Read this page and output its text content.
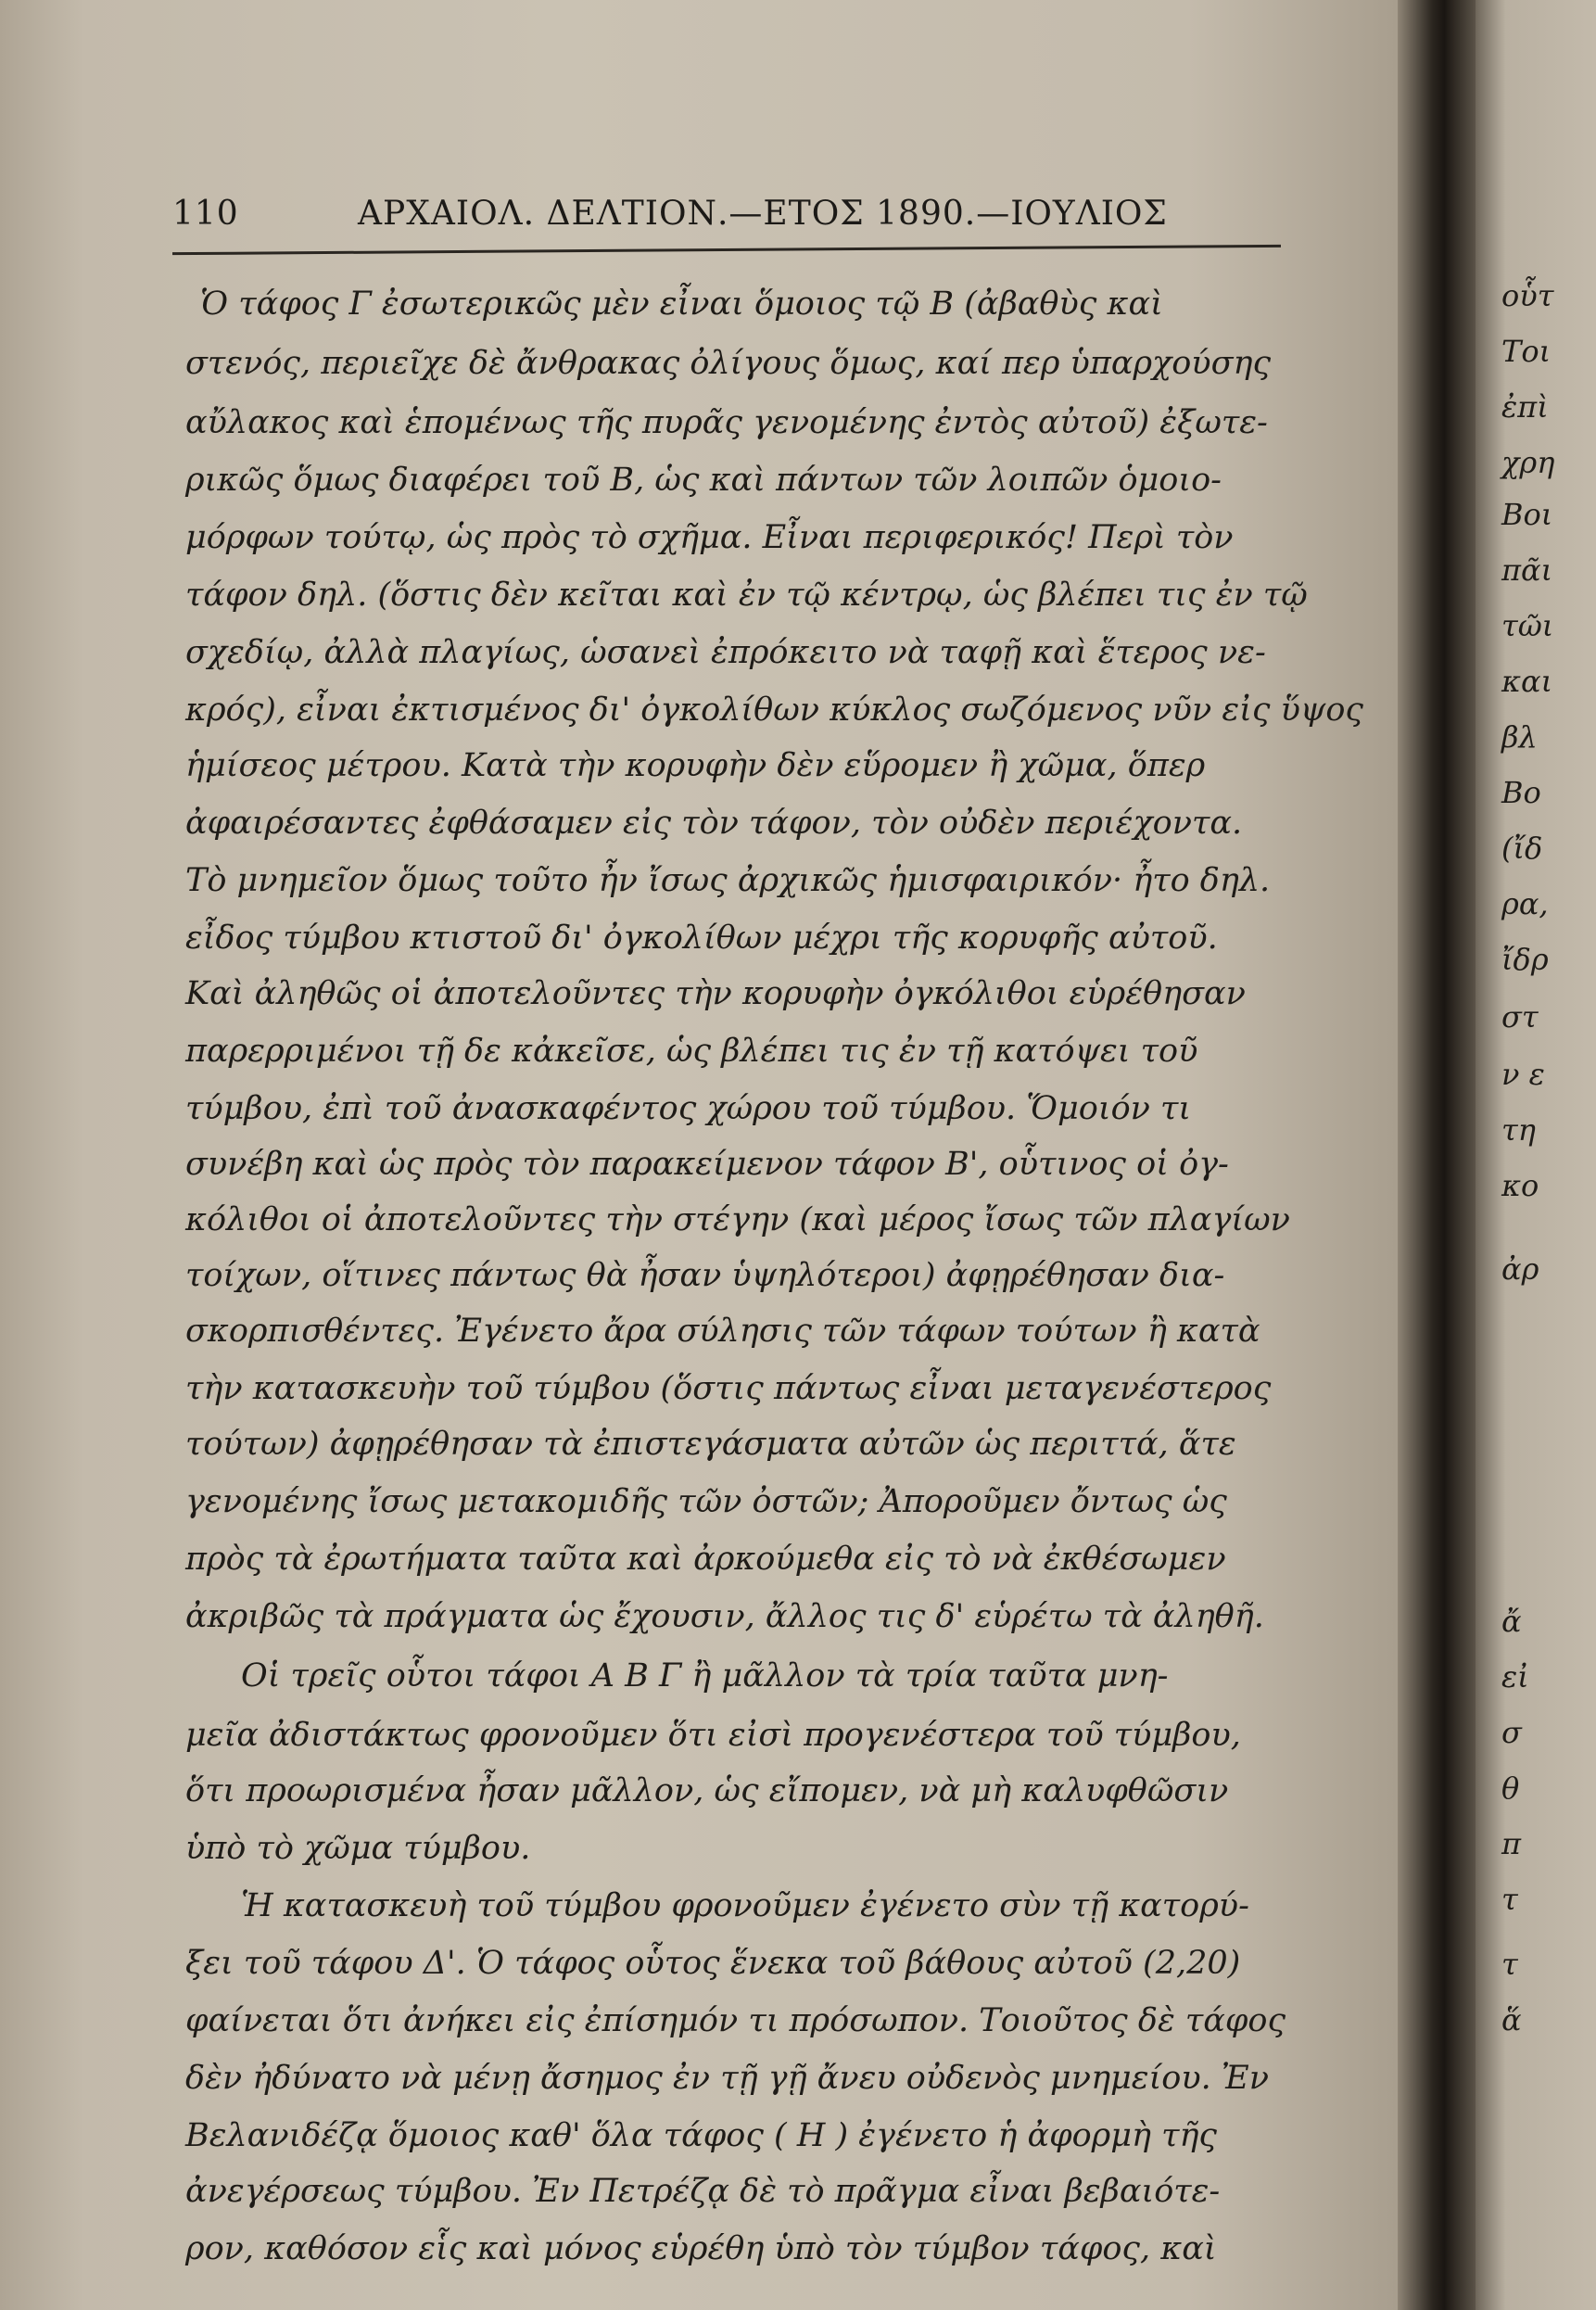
110	ΑΡΧΑΙΟΛ. ΔΕΛΤΙΟΝ.—ΕΤΟΣ 1890.—ΙΟΥΛΙΟΣ
Ὁ τάφος Γ ἐσωτερικῶς μὲν εἶναι ὅμοιος τῷ Β (ἀβαθὺς καὶ
στενός, περιεῖχε δὲ ἄνθρακας ὀλίγους ὅμως, καί περ ὑπαρχούσης
αὔλακος καὶ ἑπομένως τῆς πυρᾶς γενομένης ἐντὸς αὐτοῦ) ἐξωτε-
ρικῶς ὅμως διαφέρει τοῦ Β, ὡς καὶ πάντων τῶν λοιπῶν ὁμοιο-
μόρφων τούτῳ, ὡς πρὸς τὸ σχῆμα. Εἶναι περιφερικός! Περὶ τὸν
τάφον δηλ. (ὅστις δὲν κεῖται καὶ ἐν τῷ κέντρῳ, ὡς βλέπει τις ἐν τῷ
σχεδίῳ, ἀλλὰ πλαγίως, ὡσανεὶ ἐπρόκειτο νὰ ταφῇ καὶ ἕτερος νε-
κρός), εἶναι ἐκτισμένος δι' ὀγκολίθων κύκλος σωζόμενος νῦν εἰς ὕψος
ἡμίσεος μέτρου. Κατὰ τὴν κορυφὴν δὲν εὕρομεν ἢ χῶμα, ὅπερ
ἀφαιρέσαντες ἐφθάσαμεν εἰς τὸν τάφον, τὸν οὐδὲν περιέχοντα.
Τὸ μνημεῖον ὅμως τοῦτο ἦν ἴσως ἀρχικῶς ἡμισφαιρικόν· ἦτο δηλ.
εἶδος τύμβου κτιστοῦ δι' ὀγκολίθων μέχρι τῆς κορυφῆς αὐτοῦ.
Καὶ ἀληθῶς οἱ ἀποτελοῦντες τὴν κορυφὴν ὀγκόλιθοι εὑρέθησαν
παρερριμένοι τῇ δε κἀκεῖσε, ὡς βλέπει τις ἐν τῇ κατόψει τοῦ
τύμβου, ἐπὶ τοῦ ἀνασκαφέντος χώρου τοῦ τύμβου. Ὅμοιόν τι
συνέβη καὶ ὡς πρὸς τὸν παρακείμενον τάφον Β', οὗτινος οἱ ὀγ-
κόλιθοι οἱ ἀποτελοῦντες τὴν στέγην (καὶ μέρος ἴσως τῶν πλαγίων
τοίχων, οἵτινες πάντως θὰ ἦσαν ὑψηλότεροι) ἀφῃρέθησαν δια-
σκορπισθέντες. Ἐγένετο ἄρα σύλησις τῶν τάφων τούτων ἢ κατὰ
τὴν κατασκευὴν τοῦ τύμβου (ὅστις πάντως εἶναι μεταγενέστερος
τούτων) ἀφῃρέθησαν τὰ ἐπιστεγάσματα αὐτῶν ὡς περιττά, ἅτε
γενομένης ἴσως μετακομιδῆς τῶν ὀστῶν; Ἀποροῦμεν ὄντως ὡς
πρὸς τὰ ἐρωτήματα ταῦτα καὶ ἀρκούμεθα εἰς τὸ νὰ ἐκθέσωμεν
ἀκριβῶς τὰ πράγματα ὡς ἔχουσιν, ἄλλος τις δ' εὑρέτω τὰ ἀληθῆ.
Οἱ τρεῖς οὗτοι τάφοι Α Β Γ ἢ μᾶλλον τὰ τρία ταῦτα μνη-
μεῖα ἀδιστάκτως φρονοῦμεν ὅτι εἰσὶ προγενέστερα τοῦ τύμβου,
ὅτι προωρισμένα ἦσαν μᾶλλον, ὡς εἴπομεν, νὰ μὴ καλυφθῶσιν
ὑπὸ τὸ χῶμα τύμβου.
Ἡ κατασκευὴ τοῦ τύμβου φρονοῦμεν ἐγένετο σὺν τῇ κατορύ-
ξει τοῦ τάφου Δ'. Ὁ τάφος οὗτος ἕνεκα τοῦ βάθους αὐτοῦ (2,20)
φαίνεται ὅτι ἀνήκει εἰς ἐπίσημόν τι πρόσωπον. Τοιοῦτος δὲ τάφος
δὲν ἠδύνατο νὰ μένῃ ἄσημος ἐν τῇ γῇ ἄνευ οὐδενὸς μνημείου. Ἐν
Βελανιδέζᾳ ὅμοιος καθ' ὅλα τάφος ( Η ) ἐγένετο ἡ ἀφορμὴ τῆς
ἀνεγέρσεως τύμβου. Ἐν Πετρέζᾳ δὲ τὸ πρᾶγμα εἶναι βεβαιότε-
ρον, καθόσον εἷς καὶ μόνος εὑρέθη ὑπὸ τὸν τύμβον τάφος, καὶ
οὗτ
Τοι
ἐπὶ
χρη
Βοι
πᾶι
τῶι
και
βλ
Βο
(ἴδ
ρα,
ἴδρ
στ
ν ε
τη
κο
ἀρ
ἄ
εἰ
σ
θ
π
τ
τ
ἅ
